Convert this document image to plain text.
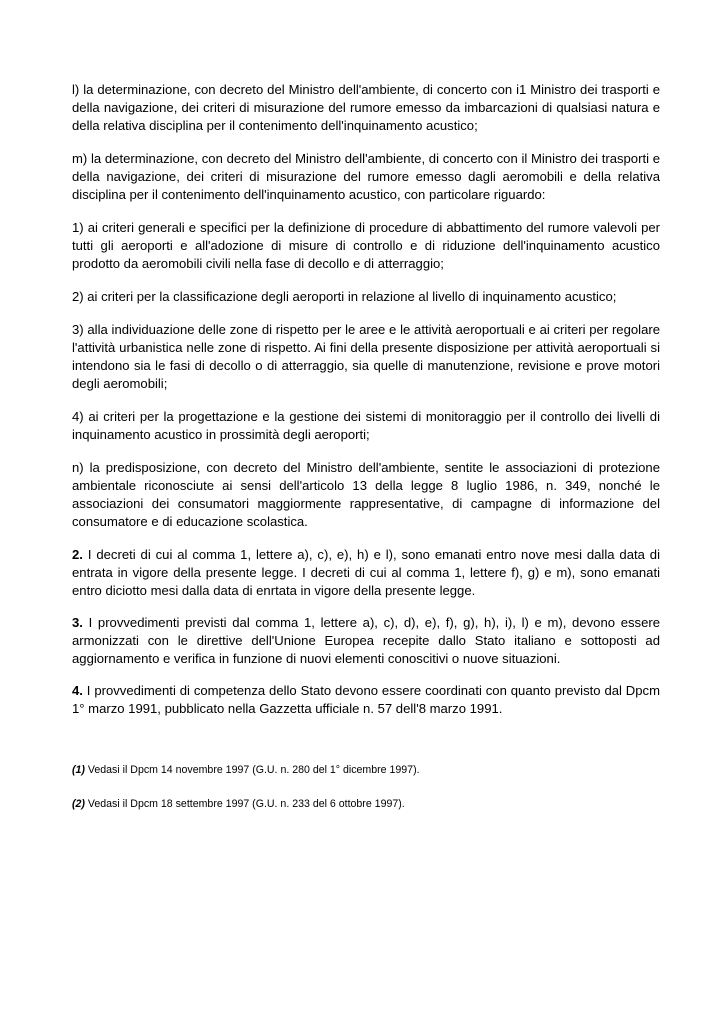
l) la determinazione, con decreto del Ministro dell'ambiente, di concerto con i1 Ministro dei trasporti e della navigazione, dei criteri di misurazione del rumore emesso da imbarcazioni di qualsiasi natura e della relativa disciplina per il contenimento dell'inquinamento acustico;

m) la determinazione, con decreto del Ministro dell'ambiente, di concerto con il Ministro dei trasporti e della navigazione, dei criteri di misurazione del rumore emesso dagli aeromobili e della relativa disciplina per il contenimento dell'inquinamento acustico, con particolare riguardo:

1) ai criteri generali e specifici per la definizione di procedure di abbattimento del rumore valevoli per tutti gli aeroporti e all'adozione di misure di controllo e di riduzione dell'inquinamento acustico prodotto da aeromobili civili nella fase di decollo e di atterraggio;

2) ai criteri per la classificazione degli aeroporti in relazione al livello di inquinamento acustico;

3) alla individuazione delle zone di rispetto per le aree e le attività aeroportuali e ai criteri per regolare l'attività urbanistica nelle zone di rispetto. Ai fini della presente disposizione per attività aeroportuali si intendono sia le fasi di decollo o di atterraggio, sia quelle di manutenzione, revisione e prove motori degli aeromobili;

4) ai criteri per la progettazione e la gestione dei sistemi di monitoraggio per il controllo dei livelli di inquinamento acustico in prossimità degli aeroporti;

n) la predisposizione, con decreto del Ministro dell'ambiente, sentite le associazioni di protezione ambientale riconosciute ai sensi dell'articolo 13 della legge 8 luglio 1986, n. 349, nonché le associazioni dei consumatori maggiormente rappresentative, di campagne di informazione del consumatore e di educazione scolastica.

2. I decreti di cui al comma 1, lettere a), c), e), h) e l), sono emanati entro nove mesi dalla data di entrata in vigore della presente legge. I decreti di cui al comma 1, lettere f), g) e m), sono emanati entro diciotto mesi dalla data di enrtata in vigore della presente legge.

3. I provvedimenti previsti dal comma 1, lettere a), c), d), e), f), g), h), i), l) e m), devono essere armonizzati con le direttive dell'Unione Europea recepite dallo Stato italiano e sottoposti ad aggiornamento e verifica in funzione di nuovi elementi conoscitivi o nuove situazioni.

4. I provvedimenti di competenza dello Stato devono essere coordinati con quanto previsto dal Dpcm 1° marzo 1991, pubblicato nella Gazzetta ufficiale n. 57 dell'8 marzo 1991.

(1) Vedasi il Dpcm 14 novembre 1997 (G.U. n. 280 del 1° dicembre 1997).

(2) Vedasi il Dpcm 18 settembre 1997 (G.U. n. 233 del 6 ottobre 1997).
